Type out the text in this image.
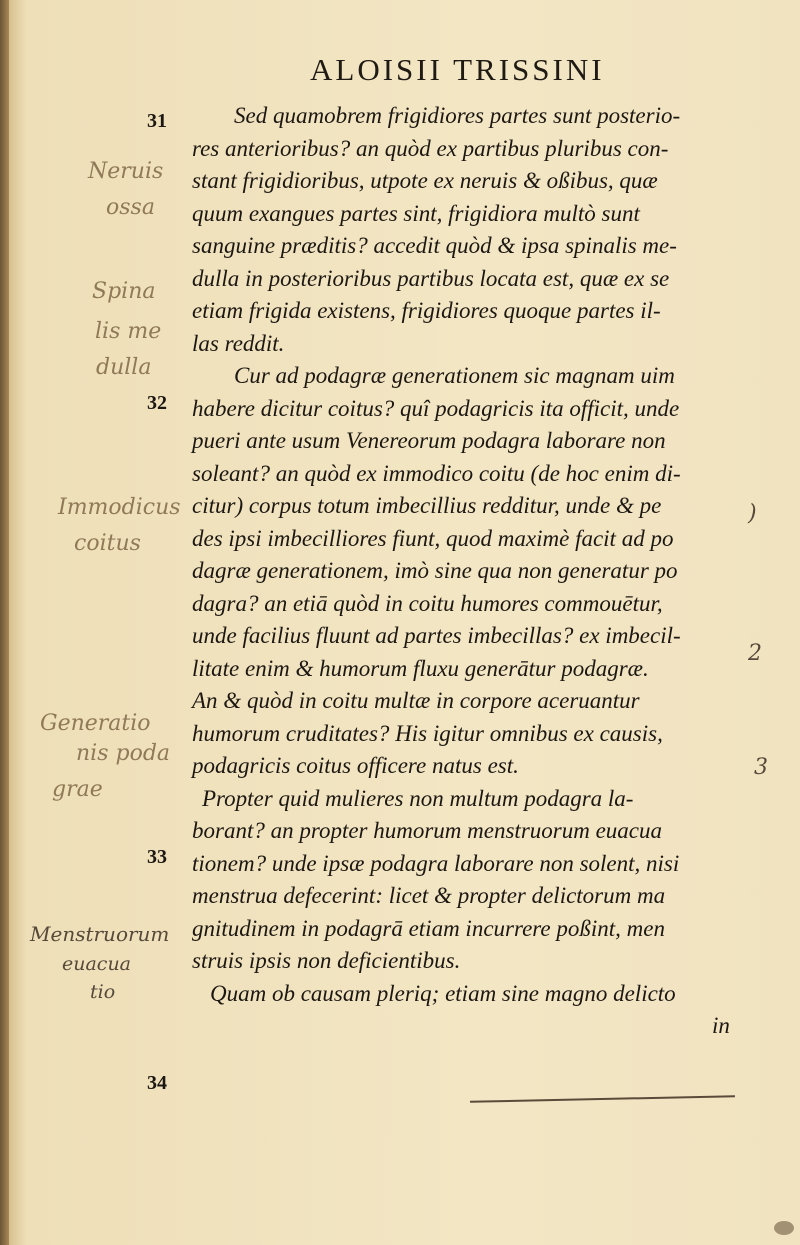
ALOISII TRISSINI
31
32
33
34
Sed quamobrem frigidiores partes sunt posterio-
res anterioribus? an quòd ex partibus pluribus con-
stant frigidioribus, utpote ex neruis & oßibus, quæ
quum exangues partes sint, frigidiora multò sunt
sanguine præditis? accedit quòd & ipsa spinalis me-
dulla in posterioribus partibus locata est, quæ ex se
etiam frigida existens, frigidiores quoque partes il-
las reddit.
Cur ad podagræ generationem sic magnam uim
habere dicitur coitus? quî podagricis ita officit, unde
pueri ante usum Venereorum podagra laborare non
soleant? an quòd ex immodico coitu (de hoc enim di-
citur) corpus totum imbecillius redditur, unde & pe
des ipsi imbecilliores fiunt, quod maximè facit ad po
dagræ generationem, imò sine qua non generatur po
dagra? an etiā quòd in coitu humores commouētur,
unde facilius fluunt ad partes imbecillas? ex imbecil-
litate enim & humorum fluxu generātur podagræ.
An & quòd in coitu multæ in corpore aceruantur
humorum cruditates? His igitur omnibus ex causis,
podagricis coitus officere natus est.
Propter quid mulieres non multum podagra la-
borant? an propter humorum menstruorum euacua
tionem? unde ipsæ podagra laborare non solent, nisi
menstrua defecerint: licet & propter delictorum ma
gnitudinem in podagrā etiam incurrere poßint, men
struis ipsis non deficientibus.
Quam ob causam pleriq; etiam sine magno delicto
in
Neruis
ossa
Spina
lis me
dulla
Immodicus
coitus
Generatio
nis poda
grae
Menstruorum
euacua
tio
)
2
3
